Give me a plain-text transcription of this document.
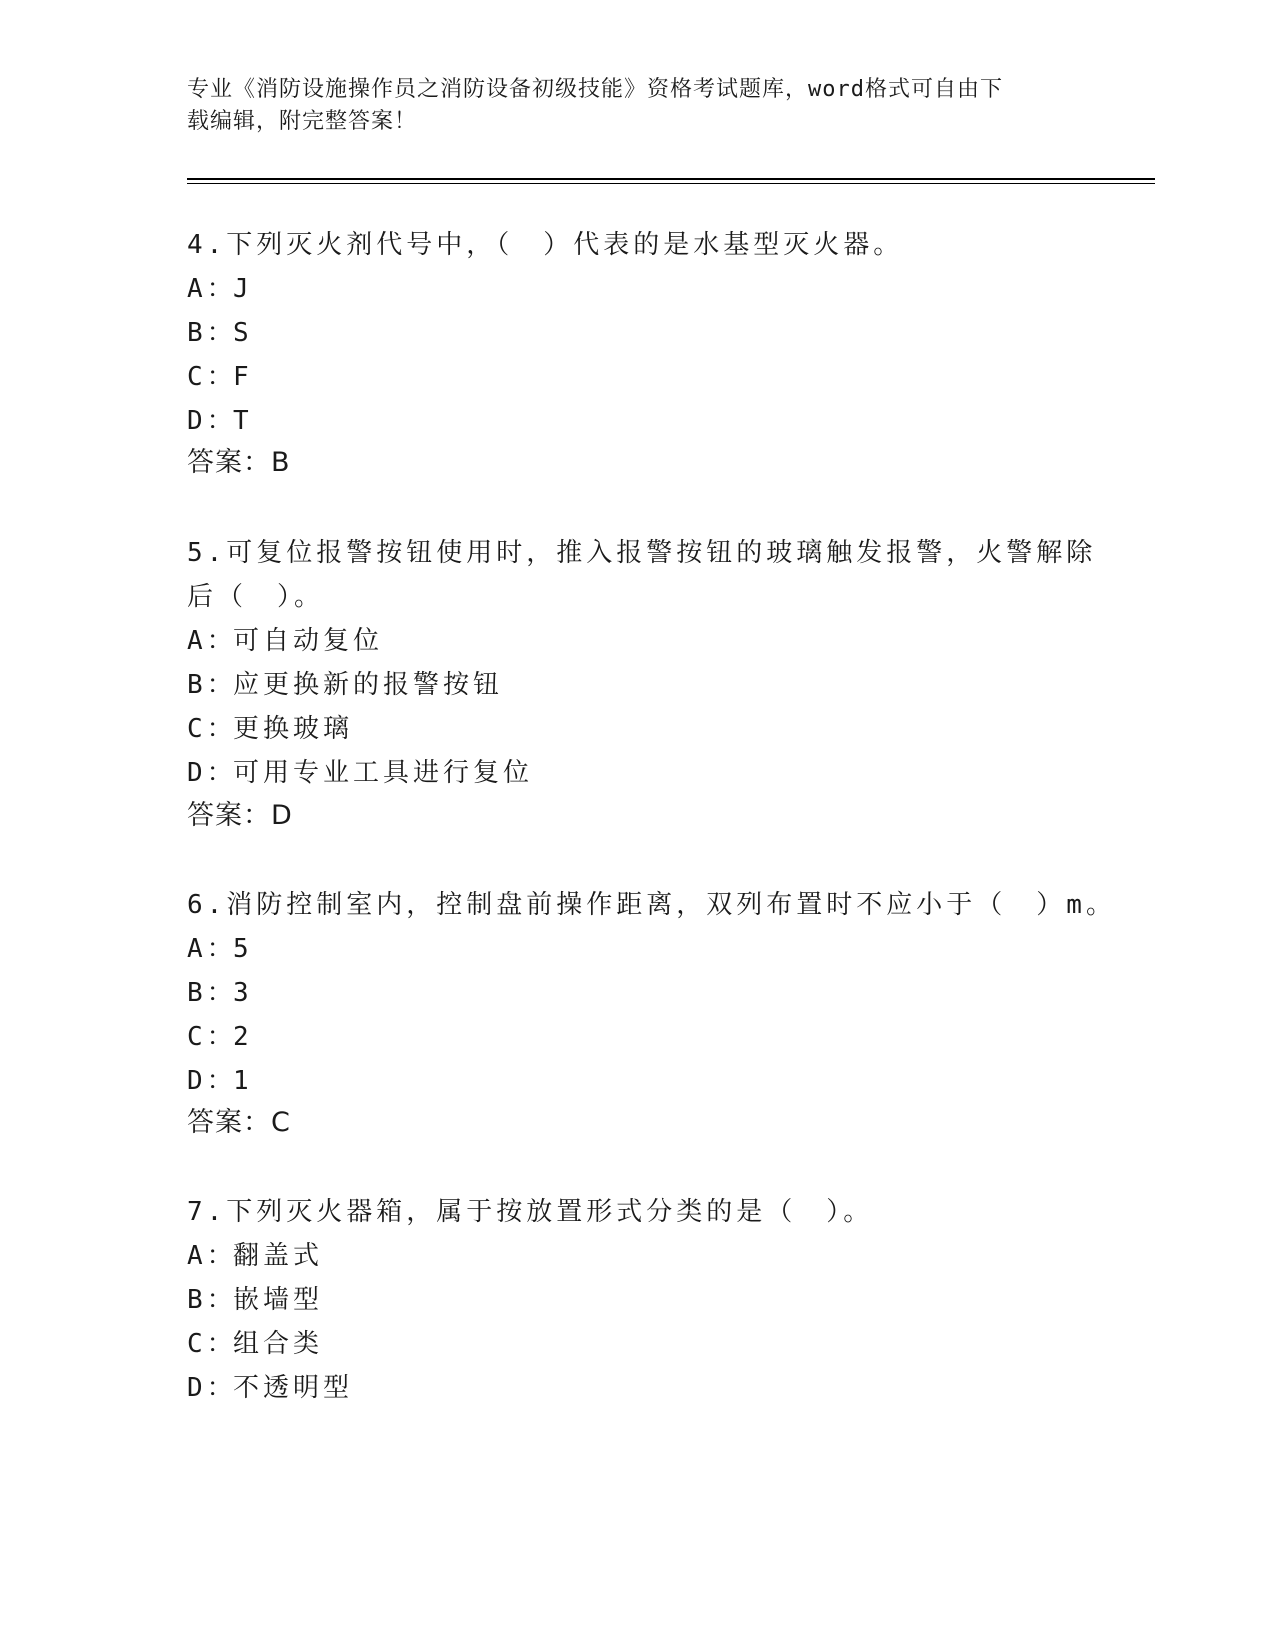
专业《消防设施操作员之消防设备初级技能》资格考试题库，word格式可自由下
载编辑，附完整答案！
4.下列灭火剂代号中，（　）代表的是水基型灭火器。
A：J
B：S
C：F
D：T
答案：B
5.可复位报警按钮使用时，推入报警按钮的玻璃触发报警，火警解除
后（　）。
A：可自动复位
B：应更换新的报警按钮
C：更换玻璃
D：可用专业工具进行复位
答案：D
6.消防控制室内，控制盘前操作距离，双列布置时不应小于（　）m。
A：5
B：3
C：2
D：1
答案：C
7.下列灭火器箱，属于按放置形式分类的是（　）。
A：翻盖式
B：嵌墙型
C：组合类
D：不透明型
